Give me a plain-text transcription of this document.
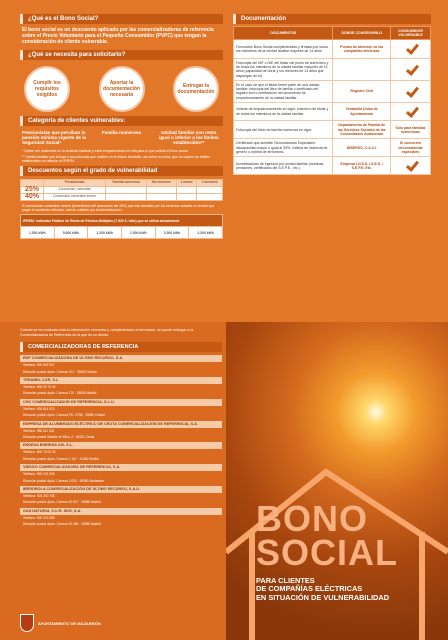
¿Qué es el Bono Social?
El bono social es un descuento aplicado por las comercializadoras de referencia sobre el Precio Voluntario para el Pequeño Consumidor (PVPC) que tengan la consideración de cliente vulnerable.
¿Qué se necesita para solicitarlo?
Cumplir los requisitos exigidos
Aportar la documentación necesaria
Entregar la documentación
Categoría de clientes vulnerables:
Pensionistas que perciban la pensión mínima vigente de la Seguridad Social*
Familia numerosa	Unidad familiar con renta igual o inferior a los límites establecidos**
* Deben ser residentes en la vivienda habitual y estar empadronados en ella para el que solicita el bono social.
** Unidad familiar que incluya a las personas que residen en el mismo domicilio, así como su renta, que no supere los límites establecidos en relación al IPREM.
Descuentos según el grado de vulnerabilidad
	Pensionistas	Familia numerosa	Sin menores	1 menor	2 menores
25%	Consumidor vulnerable				
40%	Consumidor vulnerable severo				
El consumidor vulnerable severo (beneficiario del descuento del 40%) que sea atendido por los servicios sociales no tendrá que pagar el suministro eléctrico, siendo cubierto por la Administración.
IPREM: Indicador Público de Renta de Efectos Múltiples (7.520 € / año) que se utiliza actualmente
1.500 kWh	5.000 kWh	1.200 kWh	1.500 kWh	2.000 kWh	2.200 kWh
Documentación
DOCUMENTOS	DÓNDE CONSEGUIRLO	CONSUMIDOR VULNERABLE
Formulario Bono Social cumplimentado y firmado por todos los miembros de la unidad familiar mayores de 14 años.	Puntos de atención de las compañías eléctricas	
Fotocopia del NIF o NIE del titular del punto de suministro y de todos los miembros de la unidad familiar mayores de 14 años (capacidad de obrar y los menores de 14 años que dispongan de él).		
En el caso de que el titular forme parte de una unidad familiar: fotocopia del libro de familia o certificado del registro civil o certificación del documento de empadronamiento de la unidad familiar.	Registro Civil	
Volante de empadronamiento en vigor, colectivo del titular y de todos los miembros de la unidad familiar.	Ventanilla Única de Ayuntamiento	
Fotocopia del título de familia numerosa en vigor.	Departamento de Familia de los Servicios Sociales de las Comunidades Autónomas	Sólo para familias numerosas
Certificado que acredite Circunstancias Especiales: discapacidad mayor o igual al 33%, víctima de violencia de género o víctima de terrorismo.	IMSERSO, C.A.V.I.	Sí concurren circunstancias especiales
Acreditaciones de ingresos por unidad familiar (nóminas, pensiones, certificados del S.E.P.E., etc.).	Empresa I.N.S.S. I.S.E.S. / S.E.P.E. Etc.	
Cuando se ha recabado toda la información necesaria y cumplimentado el formulario, se puede entregar a la Comercializadora de Referencia de la que es su cliente.
COMERCIALIZADORAS DE REFERENCIA
EDP COMERCIALIZADORA DE ÚLTIMO RECURSO, S.A.
Teléfono: 900 902 947
Dirección postal: Apdo. Correos 101 · 33080 Oviedo
TERABEL COR, S.L.
Teléfono: 900 92 70 43
Dirección postal: Apdo. Correos 170 · 28080 Madrid
CHC COMERCIALIZADOR DE REFERENCIA, S.L.U.
Teléfono: 900 814 023
Dirección postal: Apdo. Correos F.D. N°56 · 33080 Oviedo
EMPRESA DE ALUMBRADO ELÉCTRICO DE CEUTA COMERCIALIZACIÓN DE REFERENCIA, S.A.
Teléfono: 956 511 300
Dirección postal: Beatriz de Silva, 2 · 51001 Ceuta
ENDESA ENERGÍA XXI, S.L.
Teléfono: 800 76 03 33
Dirección postal: Apdo. Correos 1.167 · 41080 Sevilla
VIESGO COMERCIALIZADORA DE REFERENCIA, S.A.
Teléfono: 900 101 005
Dirección postal: Apdo. Correos 2.025 · 39080 Santander
IBERDROLA COMERCIALIZACIÓN DE ÚLTIMO RECURSO, S.A.U.
Teléfono: 900 200 708
Dirección postal: Apdo. Correos 61.017 · 28080 Madrid
GAS NATURAL S.U.R. SDG, S.A.
Teléfono: 900 100 283
Dirección postal: Apdo. Correos 61.084 · 28080 Madrid	BONO
SOCIAL
PARA CLIENTES
DE COMPAÑÍAS ELÉCTRICAS
EN SITUACIÓN DE VULNERABILIDAD
AYUNTAMIENTO DE MAZARRÓN
